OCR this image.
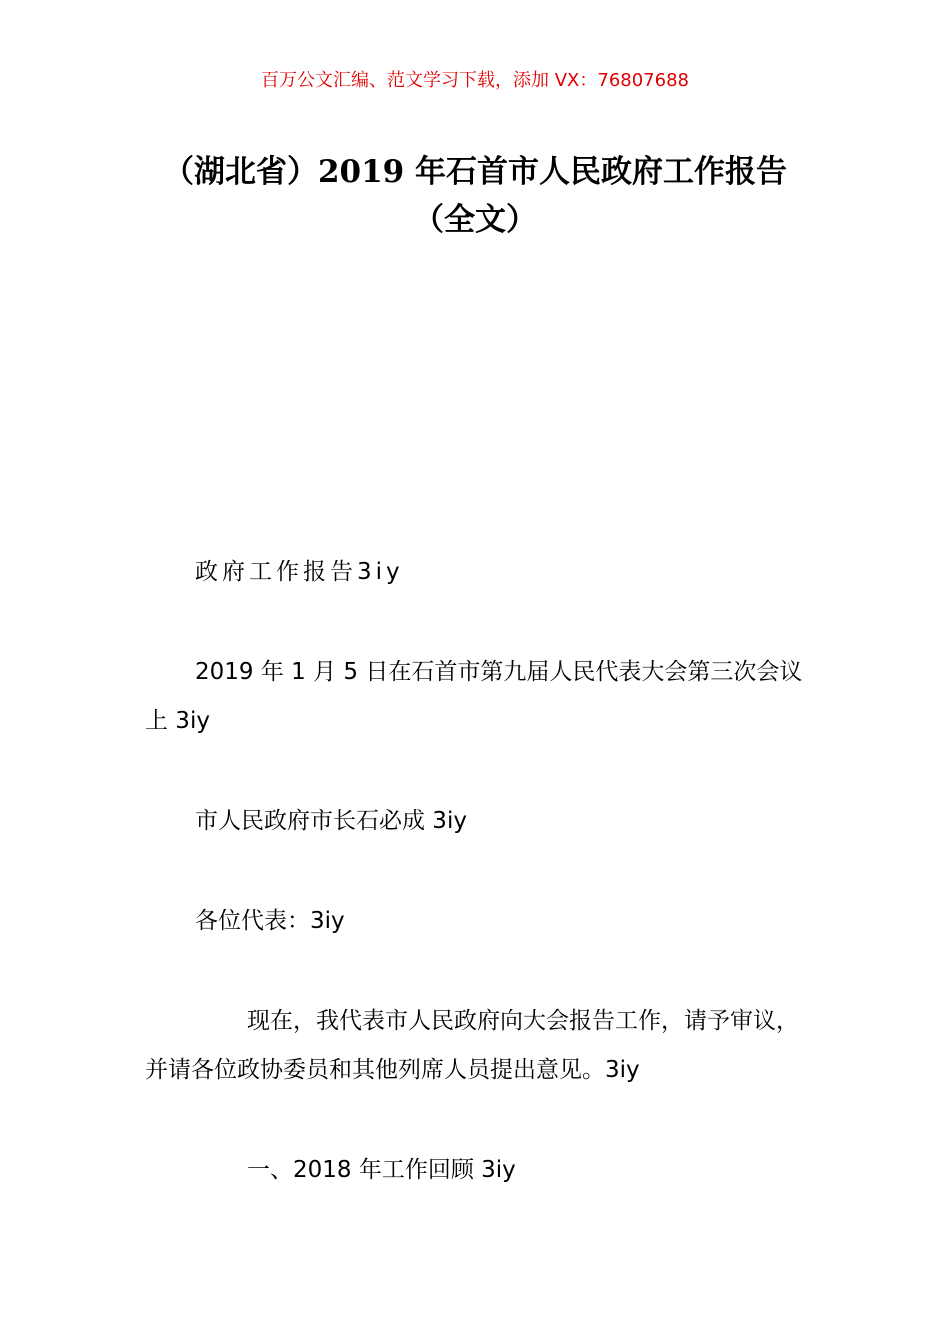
百万公文汇编、范文学习下载，添加 VX：76807688
（湖北省）2019 年石首市人民政府工作报告（全文）

政府工作报告3iy

2019 年 1 月 5 日在石首市第九届人民代表大会第三次会议上 3iy

市人民政府市长石必成 3iy

各位代表：3iy

现在，我代表市人民政府向大会报告工作，请予审议，并请各位政协委员和其他列席人员提出意见。3iy

一、2018 年工作回顾 3iy
